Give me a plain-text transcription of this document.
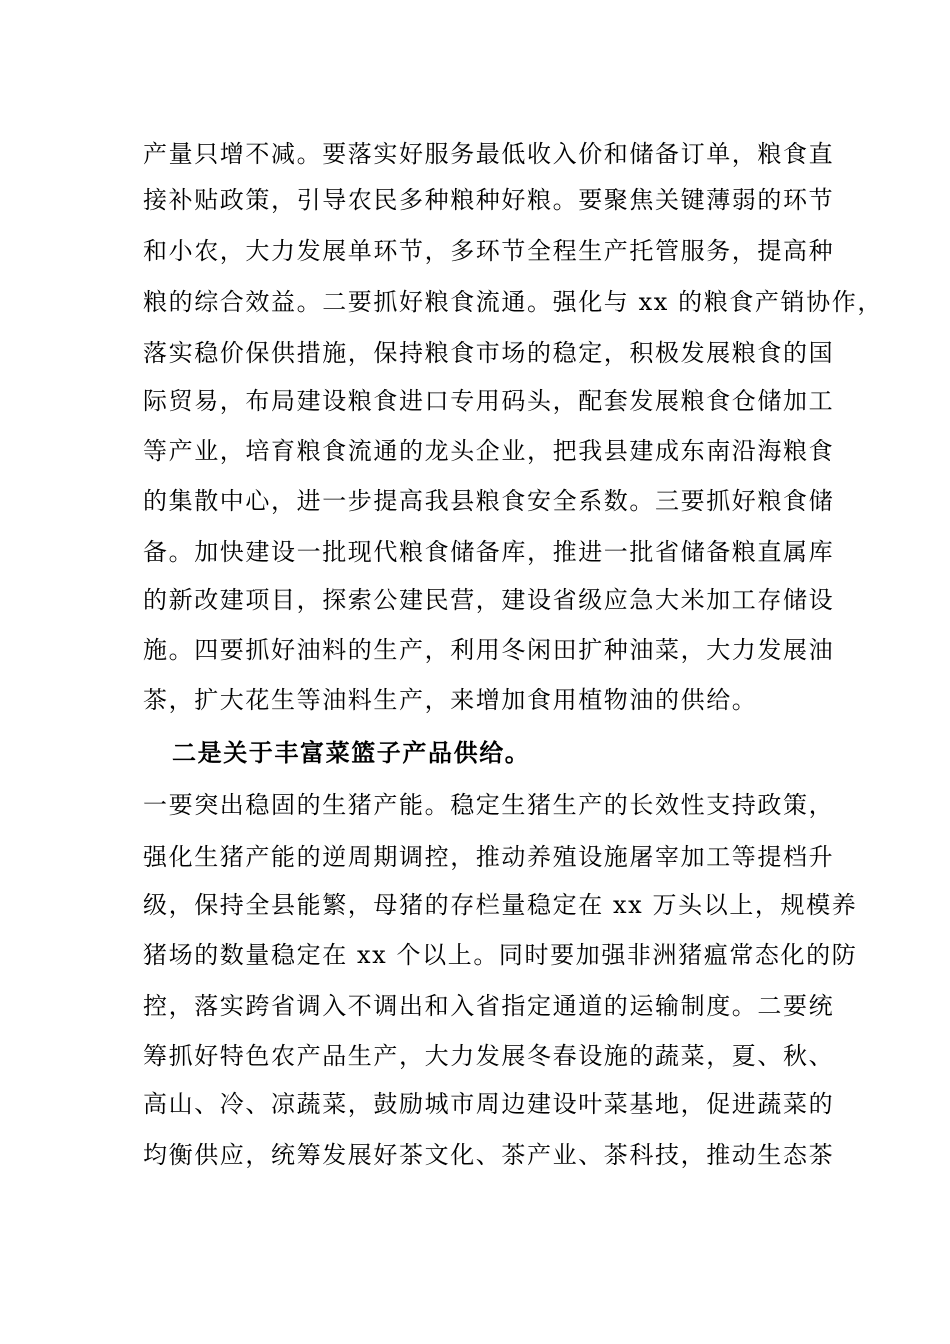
产量只增不减。要落实好服务最低收入价和储备订单，粮食直
接补贴政策，引导农民多种粮种好粮。要聚焦关键薄弱的环节
和小农，大力发展单环节，多环节全程生产托管服务，提高种
粮的综合效益。二要抓好粮食流通。强化与 xx 的粮食产销协作，
落实稳价保供措施，保持粮食市场的稳定，积极发展粮食的国
际贸易，布局建设粮食进口专用码头，配套发展粮食仓储加工
等产业，培育粮食流通的龙头企业，把我县建成东南沿海粮食
的集散中心，进一步提高我县粮食安全系数。三要抓好粮食储
备。加快建设一批现代粮食储备库，推进一批省储备粮直属库
的新改建项目，探索公建民营，建设省级应急大米加工存储设
施。四要抓好油料的生产，利用冬闲田扩种油菜，大力发展油
茶，扩大花生等油料生产，来增加食用植物油的供给。
二是关于丰富菜篮子产品供给。
一要突出稳固的生猪产能。稳定生猪生产的长效性支持政策，
强化生猪产能的逆周期调控，推动养殖设施屠宰加工等提档升
级，保持全县能繁，母猪的存栏量稳定在 xx 万头以上，规模养
猪场的数量稳定在 xx 个以上。同时要加强非洲猪瘟常态化的防
控，落实跨省调入不调出和入省指定通道的运输制度。二要统
筹抓好特色农产品生产，大力发展冬春设施的蔬菜，夏、秋、
高山、冷、凉蔬菜，鼓励城市周边建设叶菜基地，促进蔬菜的
均衡供应，统筹发展好茶文化、茶产业、茶科技，推动生态茶
